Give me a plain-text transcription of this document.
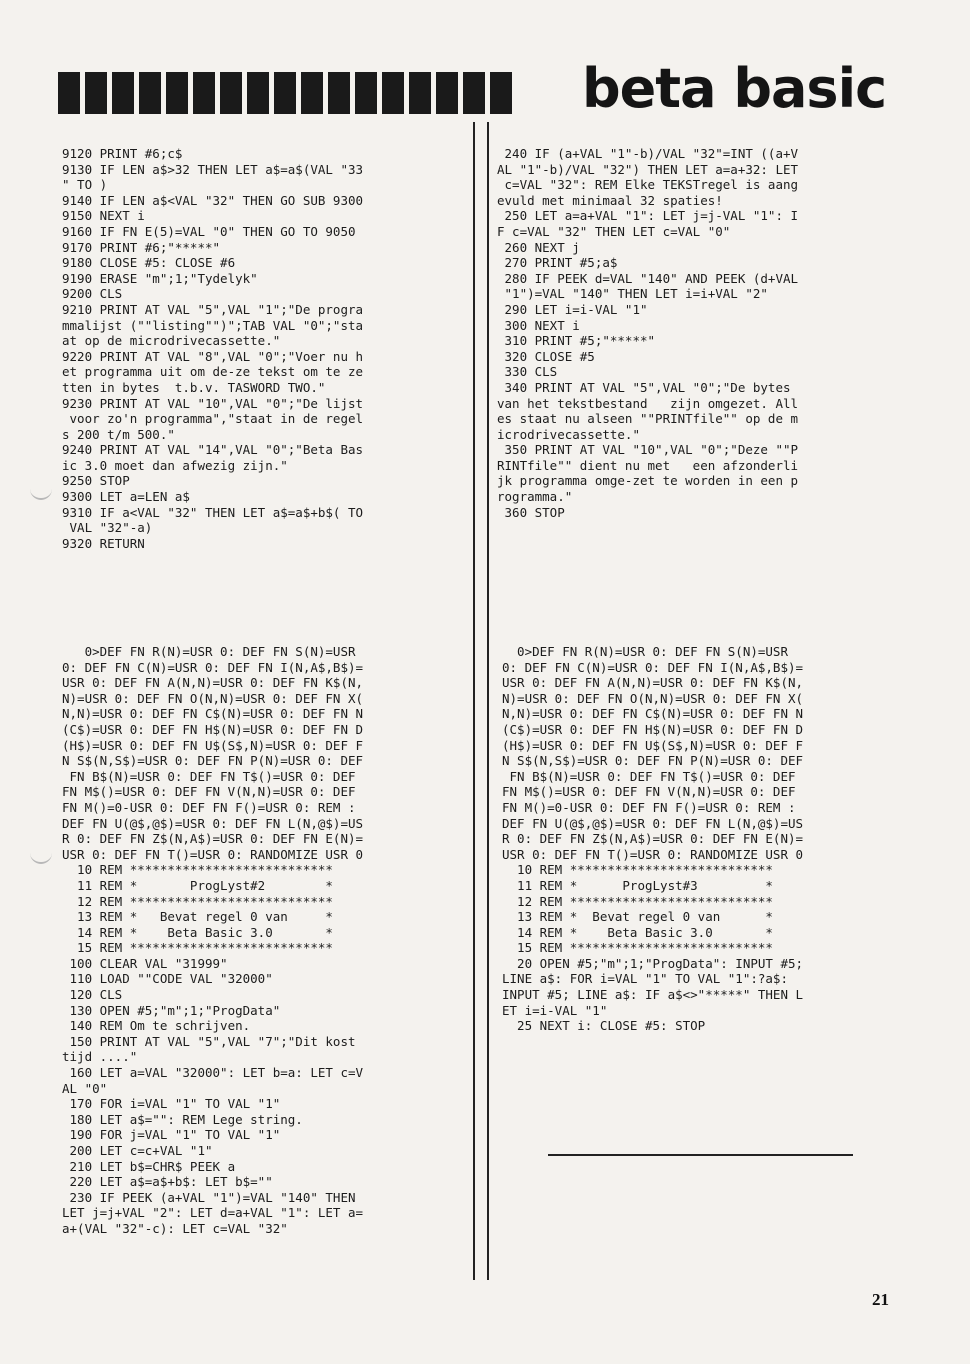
beta basic
9120 PRINT #6;c$
9130 IF LEN a$>32 THEN LET a$=a$(VAL "33
" TO )
9140 IF LEN a$<VAL "32" THEN GO SUB 9300
9150 NEXT i
9160 IF FN E(5)=VAL "0" THEN GO TO 9050
9170 PRINT #6;"*****"
9180 CLOSE #5: CLOSE #6
9190 ERASE "m";1;"Tydelyk"
9200 CLS
9210 PRINT AT VAL "5",VAL "1";"De progra
mmalijst (""listing"")";TAB VAL "0";"sta
at op de microdrivecassette."
9220 PRINT AT VAL "8",VAL "0";"Voer nu h
et programma uit om de-ze tekst om te ze
tten in bytes  t.b.v. TASWORD TWO."
9230 PRINT AT VAL "10",VAL "0";"De lijst
voor zo'n programma","staat in de regel
s 200 t/m 500."
9240 PRINT AT VAL "14",VAL "0";"Beta Bas
ic 3.0 moet dan afwezig zijn."
9250 STOP
9300 LET a=LEN a$
9310 IF a<VAL "32" THEN LET a$=a$+b$( TO
VAL "32"-a)
9320 RETURN
0>DEF FN R(N)=USR 0: DEF FN S(N)=USR
0: DEF FN C(N)=USR 0: DEF FN I(N,A$,B$)=
USR 0: DEF FN A(N,N)=USR 0: DEF FN K$(N,
N)=USR 0: DEF FN O(N,N)=USR 0: DEF FN X(
N,N)=USR 0: DEF FN C$(N)=USR 0: DEF FN N
(C$)=USR 0: DEF FN H$(N)=USR 0: DEF FN D
(H$)=USR 0: DEF FN U$(S$,N)=USR 0: DEF F
N S$(N,S$)=USR 0: DEF FN P(N)=USR 0: DEF
FN B$(N)=USR 0: DEF FN T$()=USR 0: DEF
FN M$()=USR 0: DEF FN V(N,N)=USR 0: DEF
FN M()=0-USR 0: DEF FN F()=USR 0: REM :
DEF FN U(@$,@$)=USR 0: DEF FN L(N,@$)=US
R 0: DEF FN Z$(N,A$)=USR 0: DEF FN E(N)=
USR 0: DEF FN T()=USR 0: RANDOMIZE USR 0
10 REM ***************************
11 REM *       ProgLyst#2        *
12 REM ***************************
13 REM *   Bevat regel 0 van     *
14 REM *    Beta Basic 3.0       *
15 REM ***************************
100 CLEAR VAL "31999"
110 LOAD ""CODE VAL "32000"
120 CLS
130 OPEN #5;"m";1;"ProgData"
140 REM Om te schrijven.
150 PRINT AT VAL "5",VAL "7";"Dit kost
tijd ...."
160 LET a=VAL "32000": LET b=a: LET c=V
AL "0"
170 FOR i=VAL "1" TO VAL "1"
180 LET a$="": REM Lege string.
190 FOR j=VAL "1" TO VAL "1"
200 LET c=c+VAL "1"
210 LET b$=CHR$ PEEK a
220 LET a$=a$+b$: LET b$=""
230 IF PEEK (a+VAL "1")=VAL "140" THEN
LET j=j+VAL "2": LET d=a+VAL "1": LET a=
a+(VAL "32"-c): LET c=VAL "32"
240 IF (a+VAL "1"-b)/VAL "32"=INT ((a+V
AL "1"-b)/VAL "32") THEN LET a=a+32: LET
c=VAL "32": REM Elke TEKSTregel is aang
evuld met minimaal 32 spaties!
250 LET a=a+VAL "1": LET j=j-VAL "1": I
F c=VAL "32" THEN LET c=VAL "0"
260 NEXT j
270 PRINT #5;a$
280 IF PEEK d=VAL "140" AND PEEK (d+VAL
"1")=VAL "140" THEN LET i=i+VAL "2"
290 LET i=i-VAL "1"
300 NEXT i
310 PRINT #5;"*****"
320 CLOSE #5
330 CLS
340 PRINT AT VAL "5",VAL "0";"De bytes
van het tekstbestand   zijn omgezet. All
es staat nu alseen ""PRINTfile"" op de m
icrodrivecassette."
350 PRINT AT VAL "10",VAL "0";"Deze ""P
RINTfile"" dient nu met   een afzonderli
jk programma omge-zet te worden in een p
rogramma."
360 STOP
0>DEF FN R(N)=USR 0: DEF FN S(N)=USR
0: DEF FN C(N)=USR 0: DEF FN I(N,A$,B$)=
USR 0: DEF FN A(N,N)=USR 0: DEF FN K$(N,
N)=USR 0: DEF FN O(N,N)=USR 0: DEF FN X(
N,N)=USR 0: DEF FN C$(N)=USR 0: DEF FN N
(C$)=USR 0: DEF FN H$(N)=USR 0: DEF FN D
(H$)=USR 0: DEF FN U$(S$,N)=USR 0: DEF F
N S$(N,S$)=USR 0: DEF FN P(N)=USR 0: DEF
FN B$(N)=USR 0: DEF FN T$()=USR 0: DEF
FN M$()=USR 0: DEF FN V(N,N)=USR 0: DEF
FN M()=0-USR 0: DEF FN F()=USR 0: REM :
DEF FN U(@$,@$)=USR 0: DEF FN L(N,@$)=US
R 0: DEF FN Z$(N,A$)=USR 0: DEF FN E(N)=
USR 0: DEF FN T()=USR 0: RANDOMIZE USR 0
10 REM ***************************
11 REM *      ProgLyst#3         *
12 REM ***************************
13 REM *  Bevat regel 0 van      *
14 REM *    Beta Basic 3.0       *
15 REM ***************************
20 OPEN #5;"m";1;"ProgData": INPUT #5;
LINE a$: FOR i=VAL "1" TO VAL "1":?a$:
INPUT #5; LINE a$: IF a$<>"*****" THEN L
ET i=i-VAL "1"
25 NEXT i: CLOSE #5: STOP
21
